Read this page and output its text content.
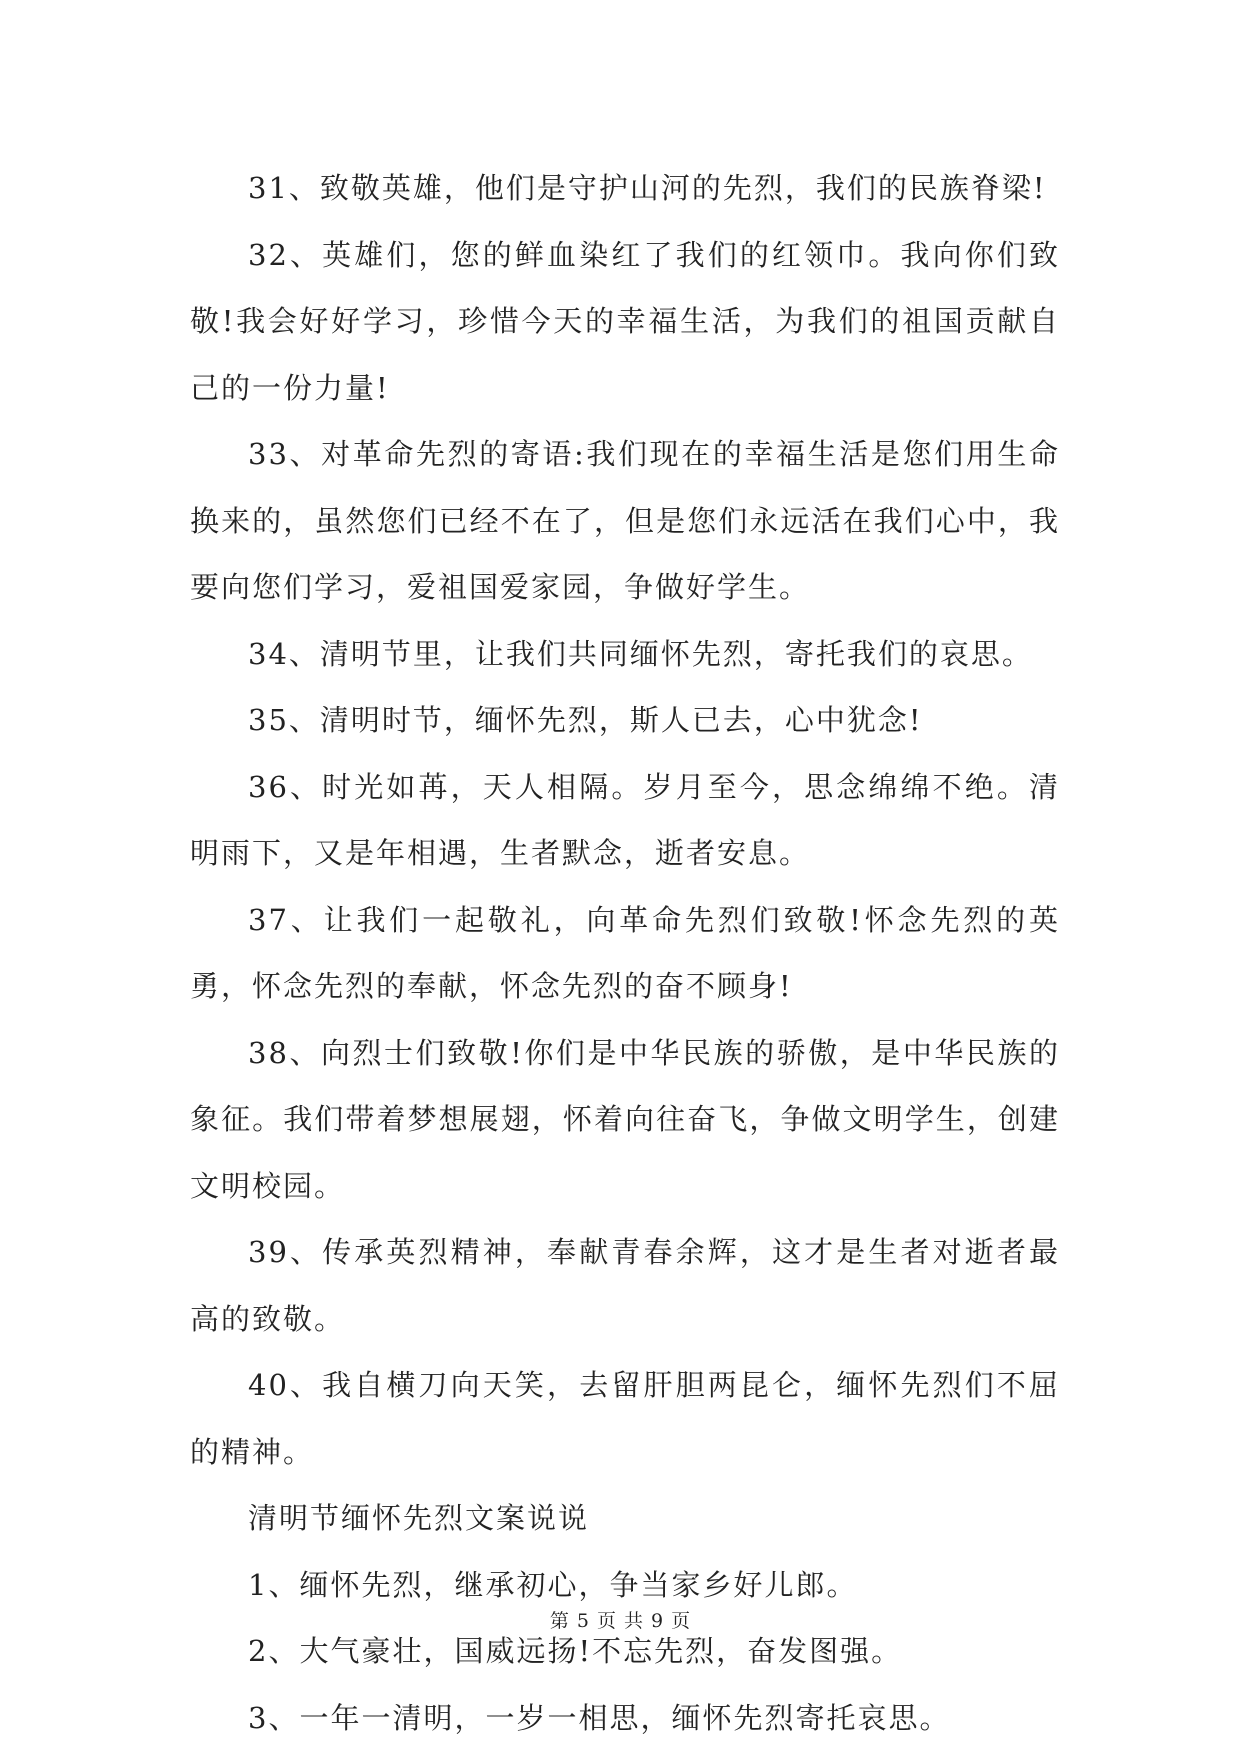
31、致敬英雄，他们是守护山河的先烈，我们的民族脊梁!

32、英雄们，您的鲜血染红了我们的红领巾。我向你们致敬!我会好好学习，珍惜今天的幸福生活，为我们的祖国贡献自己的一份力量!

33、对革命先烈的寄语:我们现在的幸福生活是您们用生命换来的，虽然您们已经不在了，但是您们永远活在我们心中，我要向您们学习，爱祖国爱家园，争做好学生。

34、清明节里，让我们共同缅怀先烈，寄托我们的哀思。

35、清明时节，缅怀先烈，斯人已去，心中犹念!

36、时光如苒，天人相隔。岁月至今，思念绵绵不绝。清明雨下，又是年相遇，生者默念，逝者安息。

37、让我们一起敬礼，向革命先烈们致敬!怀念先烈的英勇，怀念先烈的奉献，怀念先烈的奋不顾身!

38、向烈士们致敬!你们是中华民族的骄傲，是中华民族的象征。我们带着梦想展翅，怀着向往奋飞，争做文明学生，创建文明校园。

39、传承英烈精神，奉献青春余辉，这才是生者对逝者最高的致敬。

40、我自横刀向天笑，去留肝胆两昆仑，缅怀先烈们不屈的精神。

清明节缅怀先烈文案说说

1、缅怀先烈，继承初心，争当家乡好儿郎。

2、大气豪壮，国威远扬!不忘先烈，奋发图强。

3、一年一清明，一岁一相思，缅怀先烈寄托哀思。

第 5 页 共 9 页
